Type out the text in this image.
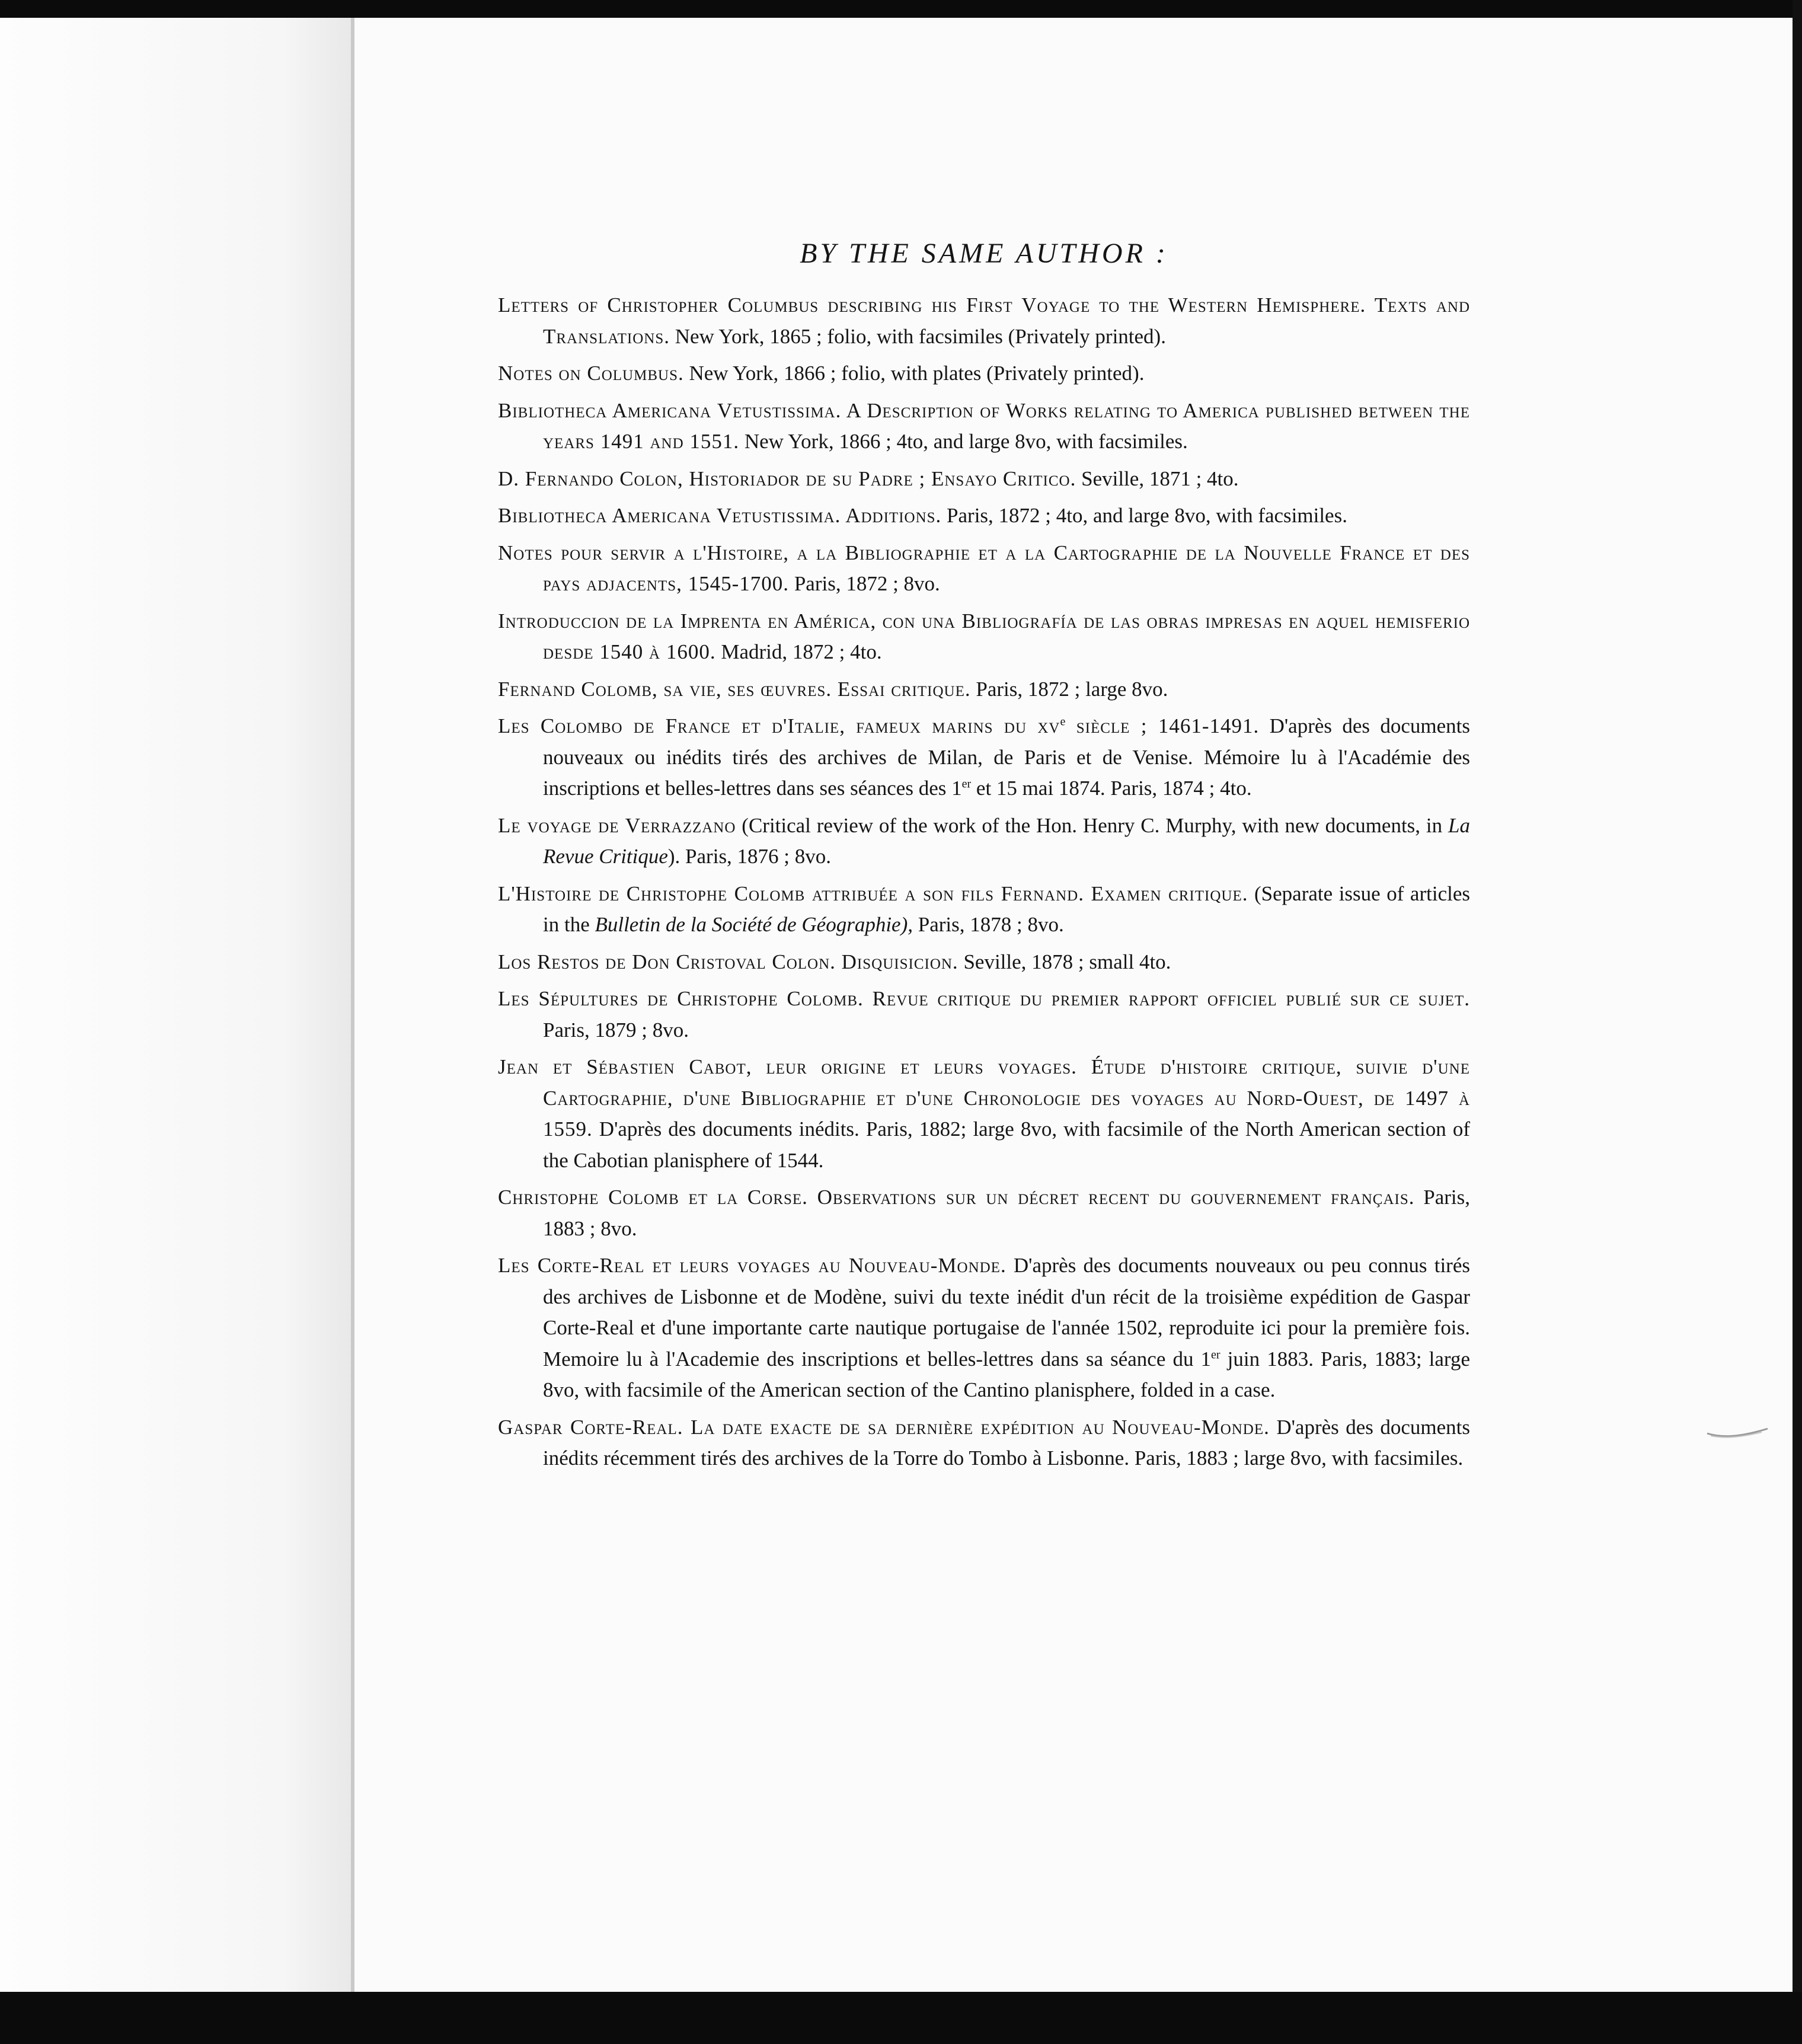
BY THE SAME AUTHOR :
Letters of Christopher Columbus describing his First Voyage to the Western Hemisphere. Texts and Translations. New York, 1865 ; folio, with facsimiles (Privately printed).
Notes on Columbus. New York, 1866 ; folio, with plates (Privately printed).
Bibliotheca Americana Vetustissima. A Description of Works relating to America published between the years 1491 and 1551. New York, 1866 ; 4to, and large 8vo, with facsimiles.
D. Fernando Colon, Historiador de su Padre ; Ensayo Critico. Seville, 1871 ; 4to.
Bibliotheca Americana Vetustissima. Additions. Paris, 1872 ; 4to, and large 8vo, with facsimiles.
Notes pour servir a l'Histoire, a la Bibliographie et a la Cartographie de la Nouvelle France et des pays adjacents, 1545-1700. Paris, 1872 ; 8vo.
Introduccion de la Imprenta en América, con una Bibliografía de las obras impresas en aquel hemisferio desde 1540 à 1600. Madrid, 1872 ; 4to.
Fernand Colomb, sa vie, ses œuvres. Essai critique. Paris, 1872 ; large 8vo.
Les Colombo de France et d'Italie, fameux marins du $xv^e$ siècle ; 1461-1491. D'après des documents nouveaux ou inédits tirés des archives de Milan, de Paris et de Venise. Mémoire lu à l'Académie des inscriptions et belles-lettres dans ses séances des 1er et 15 mai 1874. Paris, 1874 ; 4to.
Le voyage de Verrazzano (Critical review of the work of the Hon. Henry C. Murphy, with new documents, in La Revue Critique). Paris, 1876 ; 8vo.
L'Histoire de Christophe Colomb attribuée a son fils Fernand. Examen critique. (Separate issue of articles in the Bulletin de la Société de Géographie), Paris, 1878 ; 8vo.
Los Restos de Don Cristoval Colon. Disquisicion. Seville, 1878 ; small 4to.
Les Sépultures de Christophe Colomb. Revue critique du premier rapport officiel publié sur ce sujet. Paris, 1879 ; 8vo.
Jean et Sébastien Cabot, leur origine et leurs voyages. Étude d'histoire critique, suivie d'une Cartographie, d'une Bibliographie et d'une Chronologie des voyages au Nord-Ouest, de 1497 à 1559. D'après des documents inédits. Paris, 1882; large 8vo, with facsimile of the North American section of the Cabotian planisphere of 1544.
Christophe Colomb et la Corse. Observations sur un décret recent du gouvernement français. Paris, 1883 ; 8vo.
Les Corte-Real et leurs voyages au Nouveau-Monde. D'après des documents nouveaux ou peu connus tirés des archives de Lisbonne et de Modène, suivi du texte inédit d'un récit de la troisième expédition de Gaspar Corte-Real et d'une importante carte nautique portugaise de l'année 1502, reproduite ici pour la première fois. Memoire lu à l'Academie des inscriptions et belles-lettres dans sa séance du 1er juin 1883. Paris, 1883; large 8vo, with facsimile of the American section of the Cantino planisphere, folded in a case.
Gaspar Corte-Real. La date exacte de sa dernière expédition au Nouveau-Monde. D'après des documents inédits récemment tirés des archives de la Torre do Tombo à Lisbonne. Paris, 1883 ; large 8vo, with facsimiles.
